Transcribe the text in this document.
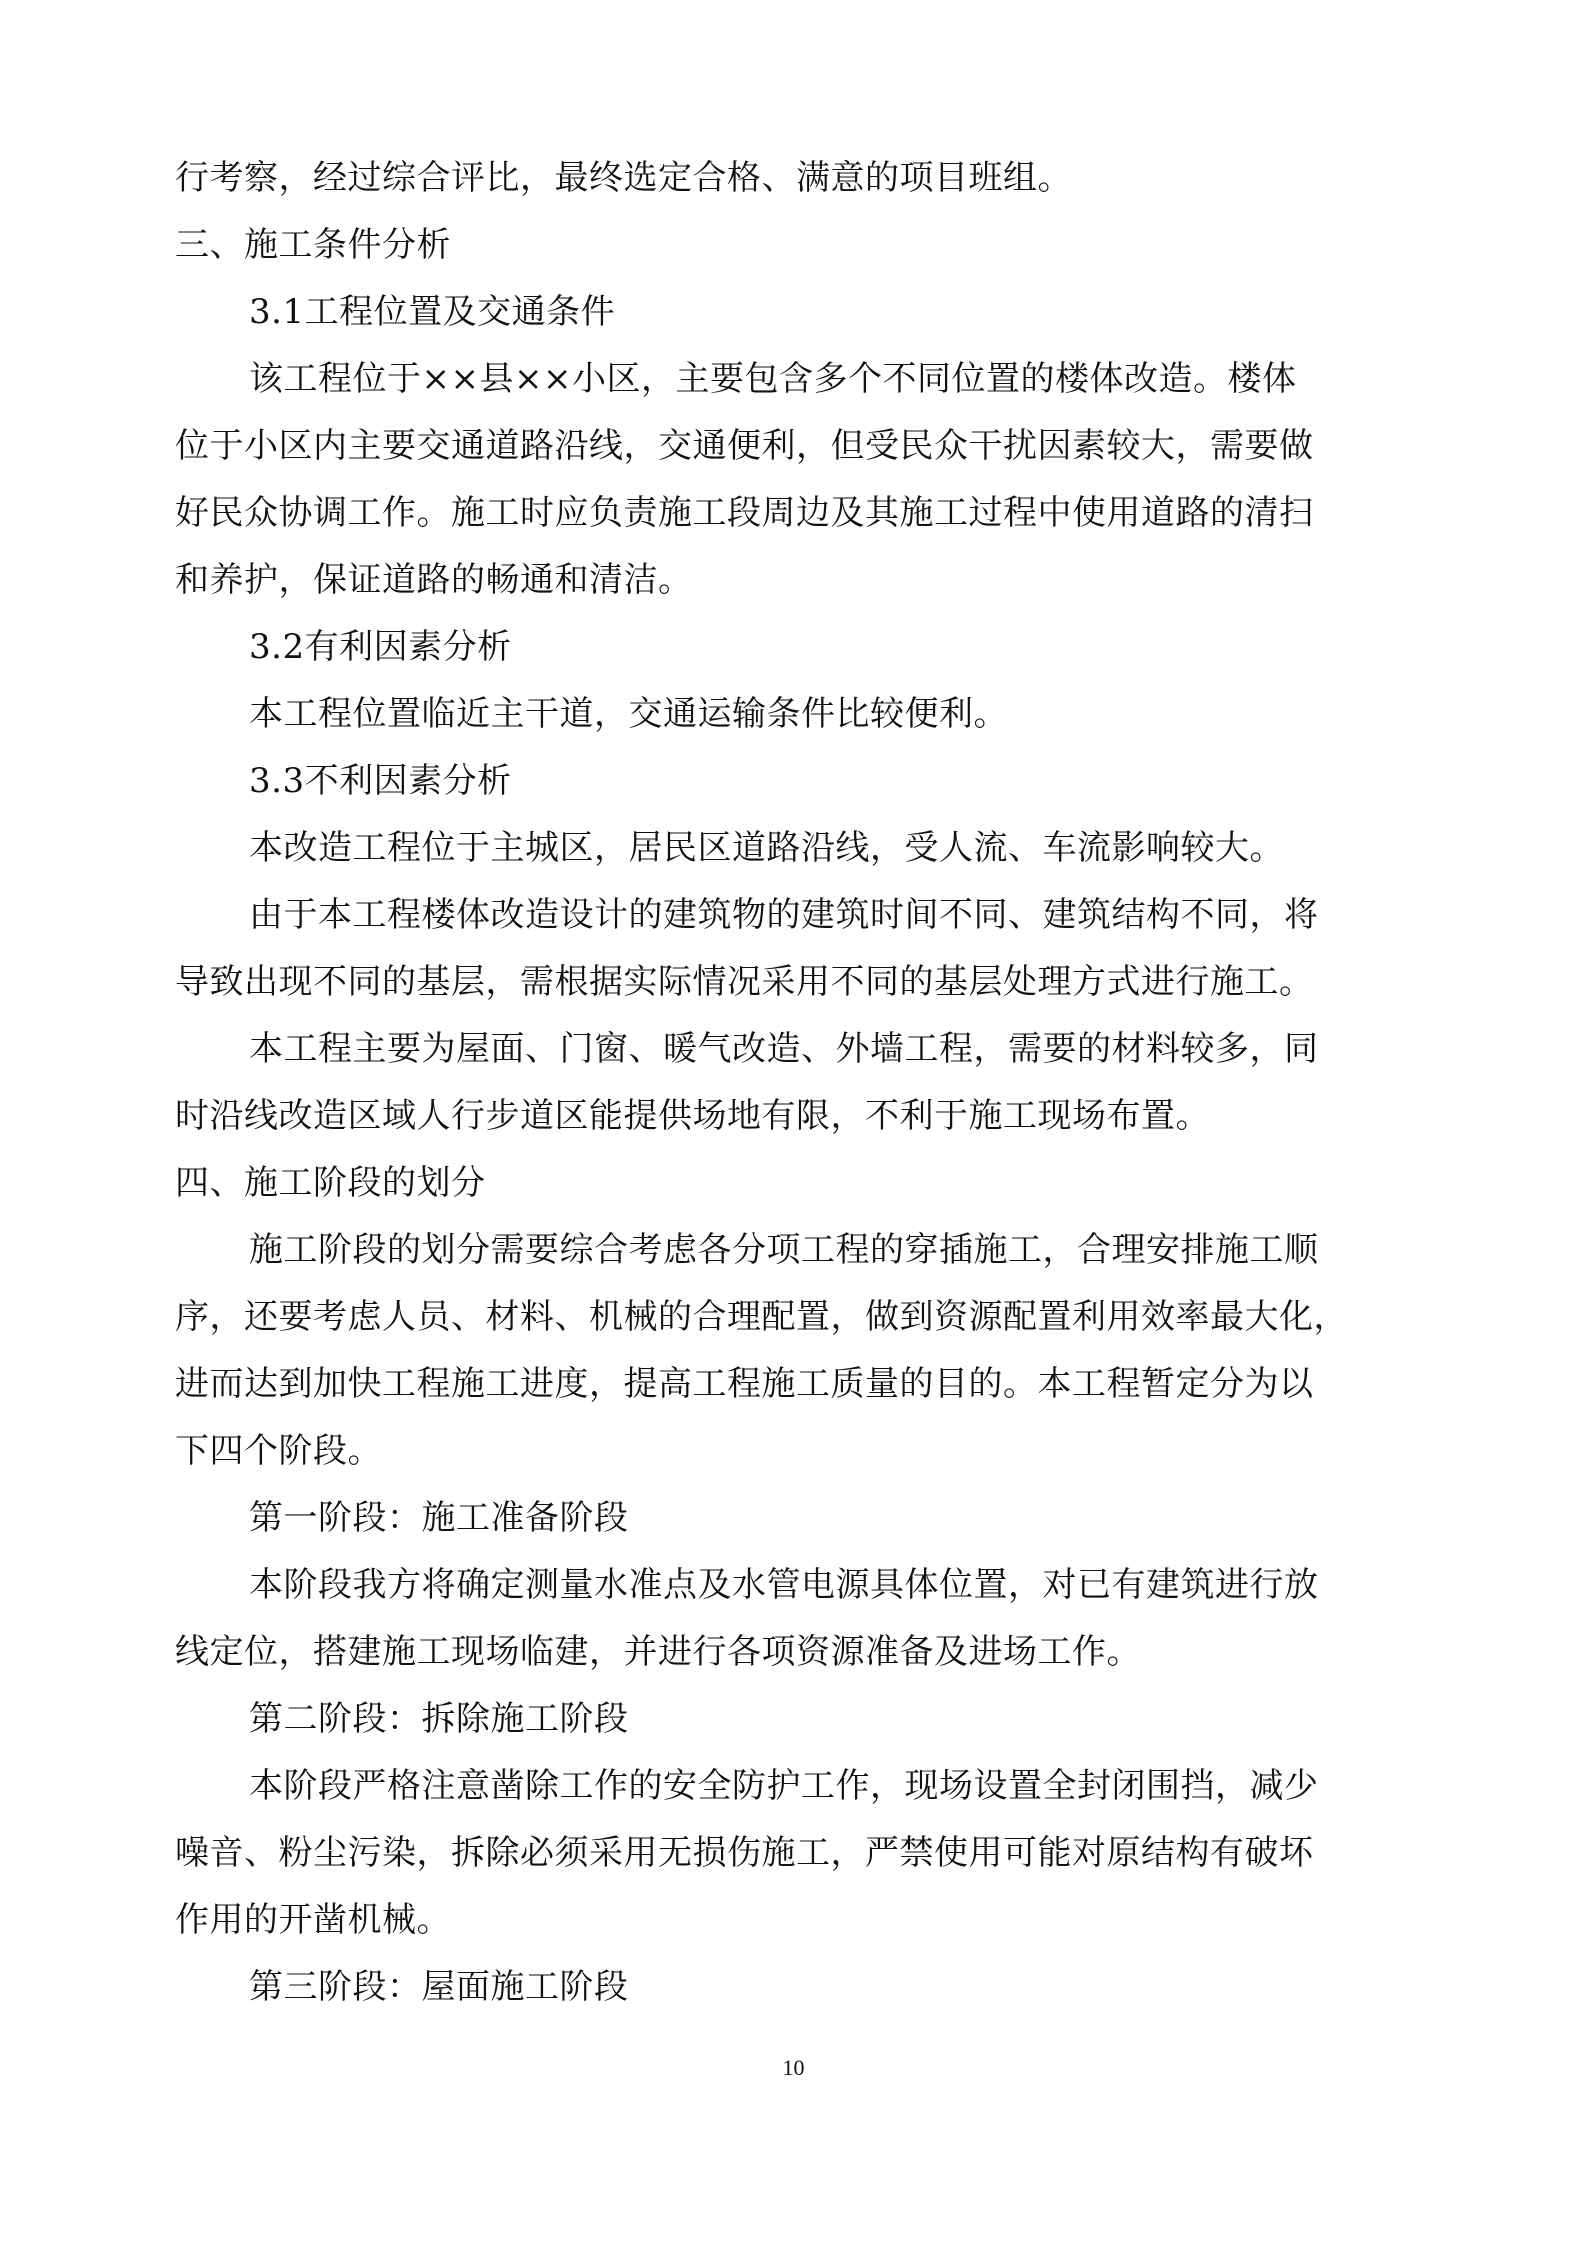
行考察，经过综合评比，最终选定合格、满意的项目班组。
三、施工条件分析
3.1工程位置及交通条件
该工程位于××县××小区，主要包含多个不同位置的楼体改造。楼体
位于小区内主要交通道路沿线，交通便利，但受民众干扰因素较大，需要做
好民众协调工作。施工时应负责施工段周边及其施工过程中使用道路的清扫
和养护，保证道路的畅通和清洁。
3.2有利因素分析
本工程位置临近主干道，交通运输条件比较便利。
3.3不利因素分析
本改造工程位于主城区，居民区道路沿线，受人流、车流影响较大。
由于本工程楼体改造设计的建筑物的建筑时间不同、建筑结构不同，将
导致出现不同的基层，需根据实际情况采用不同的基层处理方式进行施工。
本工程主要为屋面、门窗、暖气改造、外墙工程，需要的材料较多，同
时沿线改造区域人行步道区能提供场地有限，不利于施工现场布置。
四、施工阶段的划分
施工阶段的划分需要综合考虑各分项工程的穿插施工，合理安排施工顺
序，还要考虑人员、材料、机械的合理配置，做到资源配置利用效率最大化，
进而达到加快工程施工进度，提高工程施工质量的目的。本工程暂定分为以
下四个阶段。
第一阶段：施工准备阶段
本阶段我方将确定测量水准点及水管电源具体位置，对已有建筑进行放
线定位，搭建施工现场临建，并进行各项资源准备及进场工作。
第二阶段：拆除施工阶段
本阶段严格注意凿除工作的安全防护工作，现场设置全封闭围挡，减少
噪音、粉尘污染，拆除必须采用无损伤施工，严禁使用可能对原结构有破坏
作用的开凿机械。
第三阶段：屋面施工阶段
10
